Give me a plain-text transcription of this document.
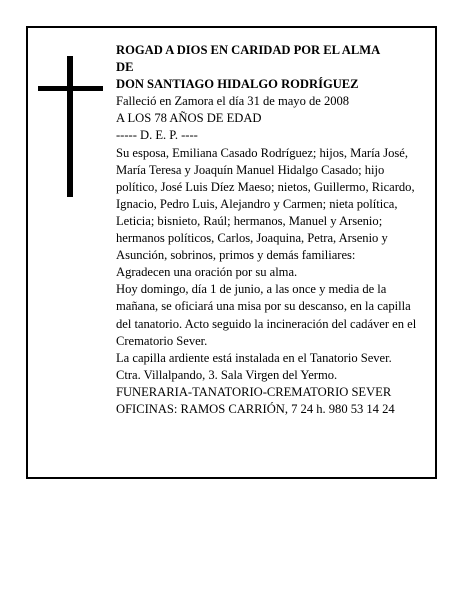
ROGAD A DIOS EN CARIDAD POR EL ALMA
DE
DON SANTIAGO HIDALGO RODRÍGUEZ
Falleció en Zamora el día 31 de mayo de 2008
A LOS 78 AÑOS DE EDAD
----- D. E. P. ----
Su esposa, Emiliana Casado Rodríguez; hijos, María José, María Teresa y Joaquín Manuel Hidalgo Casado; hijo político, José Luis Díez Maeso; nietos, Guillermo, Ricardo, Ignacio, Pedro Luis, Alejandro y Carmen; nieta política, Leticia; bisnieto, Raúl; hermanos, Manuel y Arsenio; hermanos políticos, Carlos, Joaquina, Petra, Arsenio y Asunción, sobrinos, primos y demás familiares:
Agradecen una oración por su alma.
Hoy domingo, día 1 de junio, a las once y media de la mañana, se oficiará una misa por su descanso, en la capilla del tanatorio. Acto seguido la incineración del cadáver en el Crematorio Sever.
La capilla ardiente está instalada en el Tanatorio Sever.
Ctra. Villalpando, 3. Sala Virgen del Yermo.
FUNERARIA-TANATORIO-CREMATORIO SEVER
OFICINAS: RAMOS CARRIÓN, 7 24 h. 980 53 14 24
